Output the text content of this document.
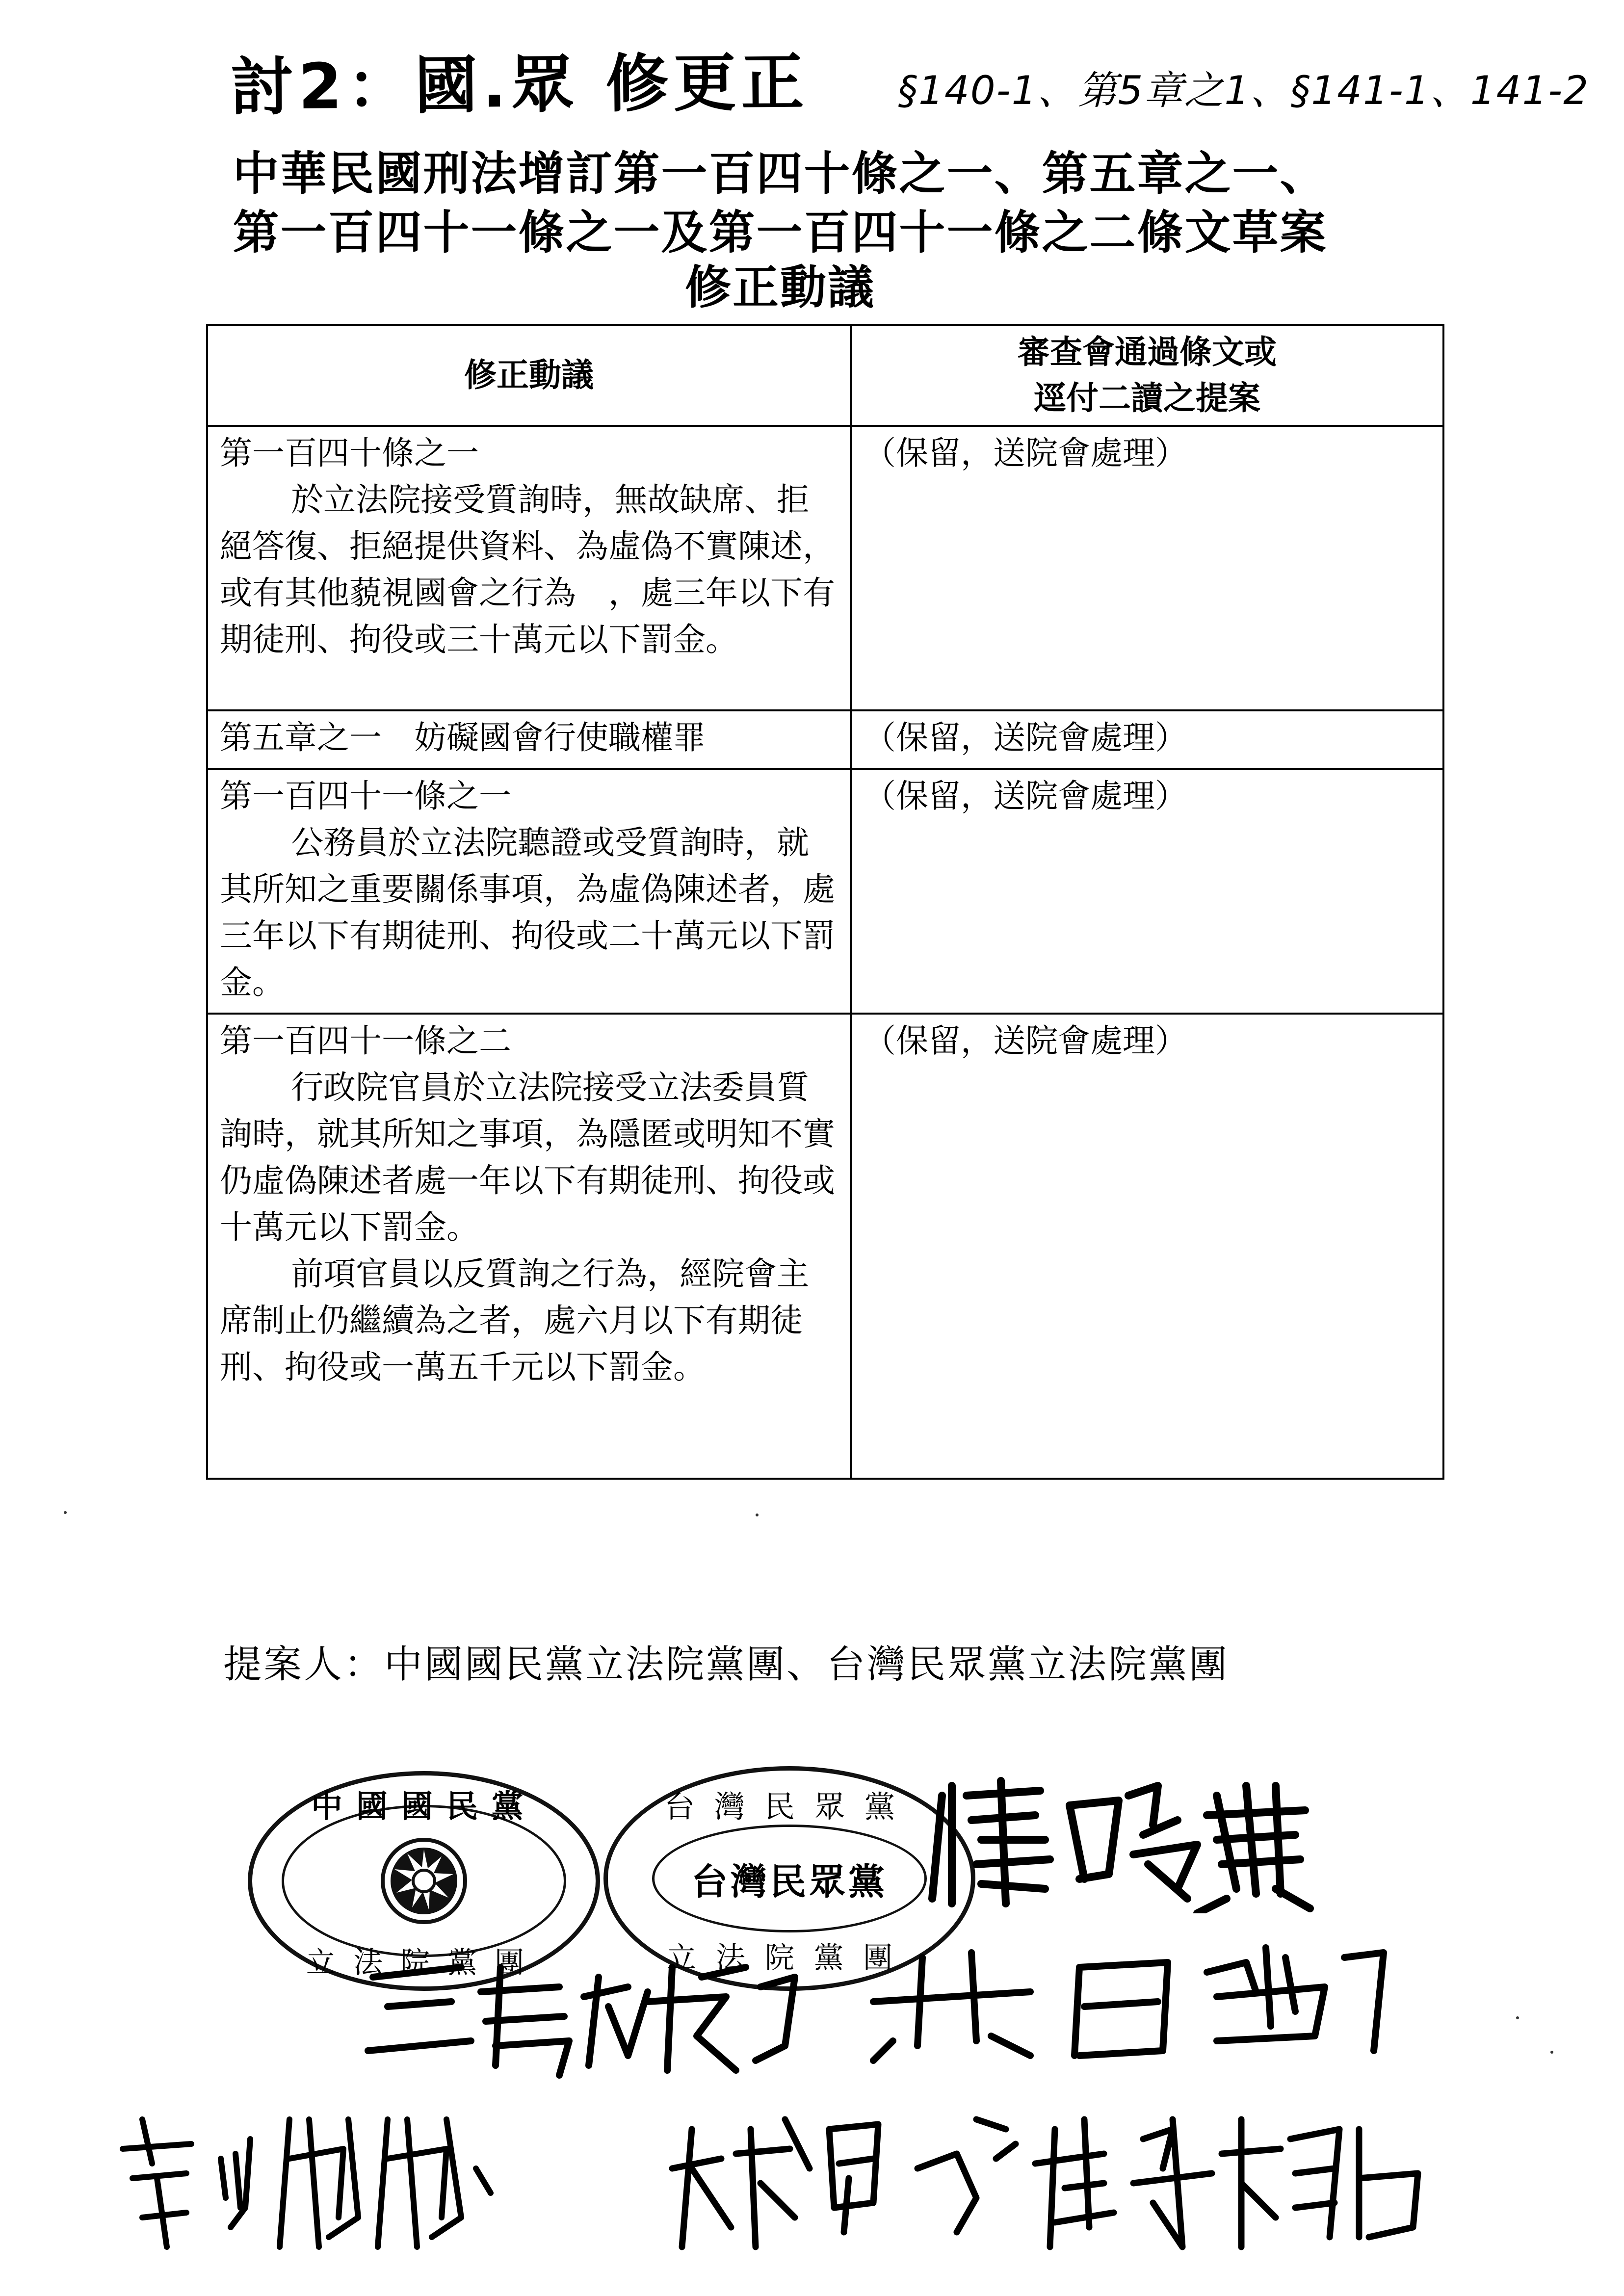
討2：國.眾 修更正 §140-1、第5章之1、§141-1、141-2
中華民國刑法增訂第一百四十條之一、第五章之一、
第一百四十一條之一及第一百四十一條之二條文草案
修正動議
修正動議	審查會通過條文或
逕付二讀之提案

第一百四十條之一
於立法院接受質詢時，無故缺席、拒絕答復、拒絕提供資料、為虛偽不實陳述，或有其他藐視國會之行為　，處三年以下有期徒刑、拘役或三十萬元以下罰金。	（保留，送院會處理）

第五章之一　妨礙國會行使職權罪	（保留，送院會處理）

第一百四十一條之一
公務員於立法院聽證或受質詢時，就其所知之重要關係事項，為虛偽陳述者，處三年以下有期徒刑、拘役或二十萬元以下罰金。	（保留，送院會處理）

第一百四十一條之二
行政院官員於立法院接受立法委員質詢時，就其所知之事項，為隱匿或明知不實仍虛偽陳述者處一年以下有期徒刑、拘役或十萬元以下罰金。
前項官員以反質詢之行為，經院會主席制止仍繼續為之者，處六月以下有期徒刑、拘役或一萬五千元以下罰金。	（保留，送院會處理）
提案人：中國國民黨立法院黨團、台灣民眾黨立法院黨團
中國國民黨
立法院黨團
台灣民眾黨
台灣民眾黨
立法院黨團
